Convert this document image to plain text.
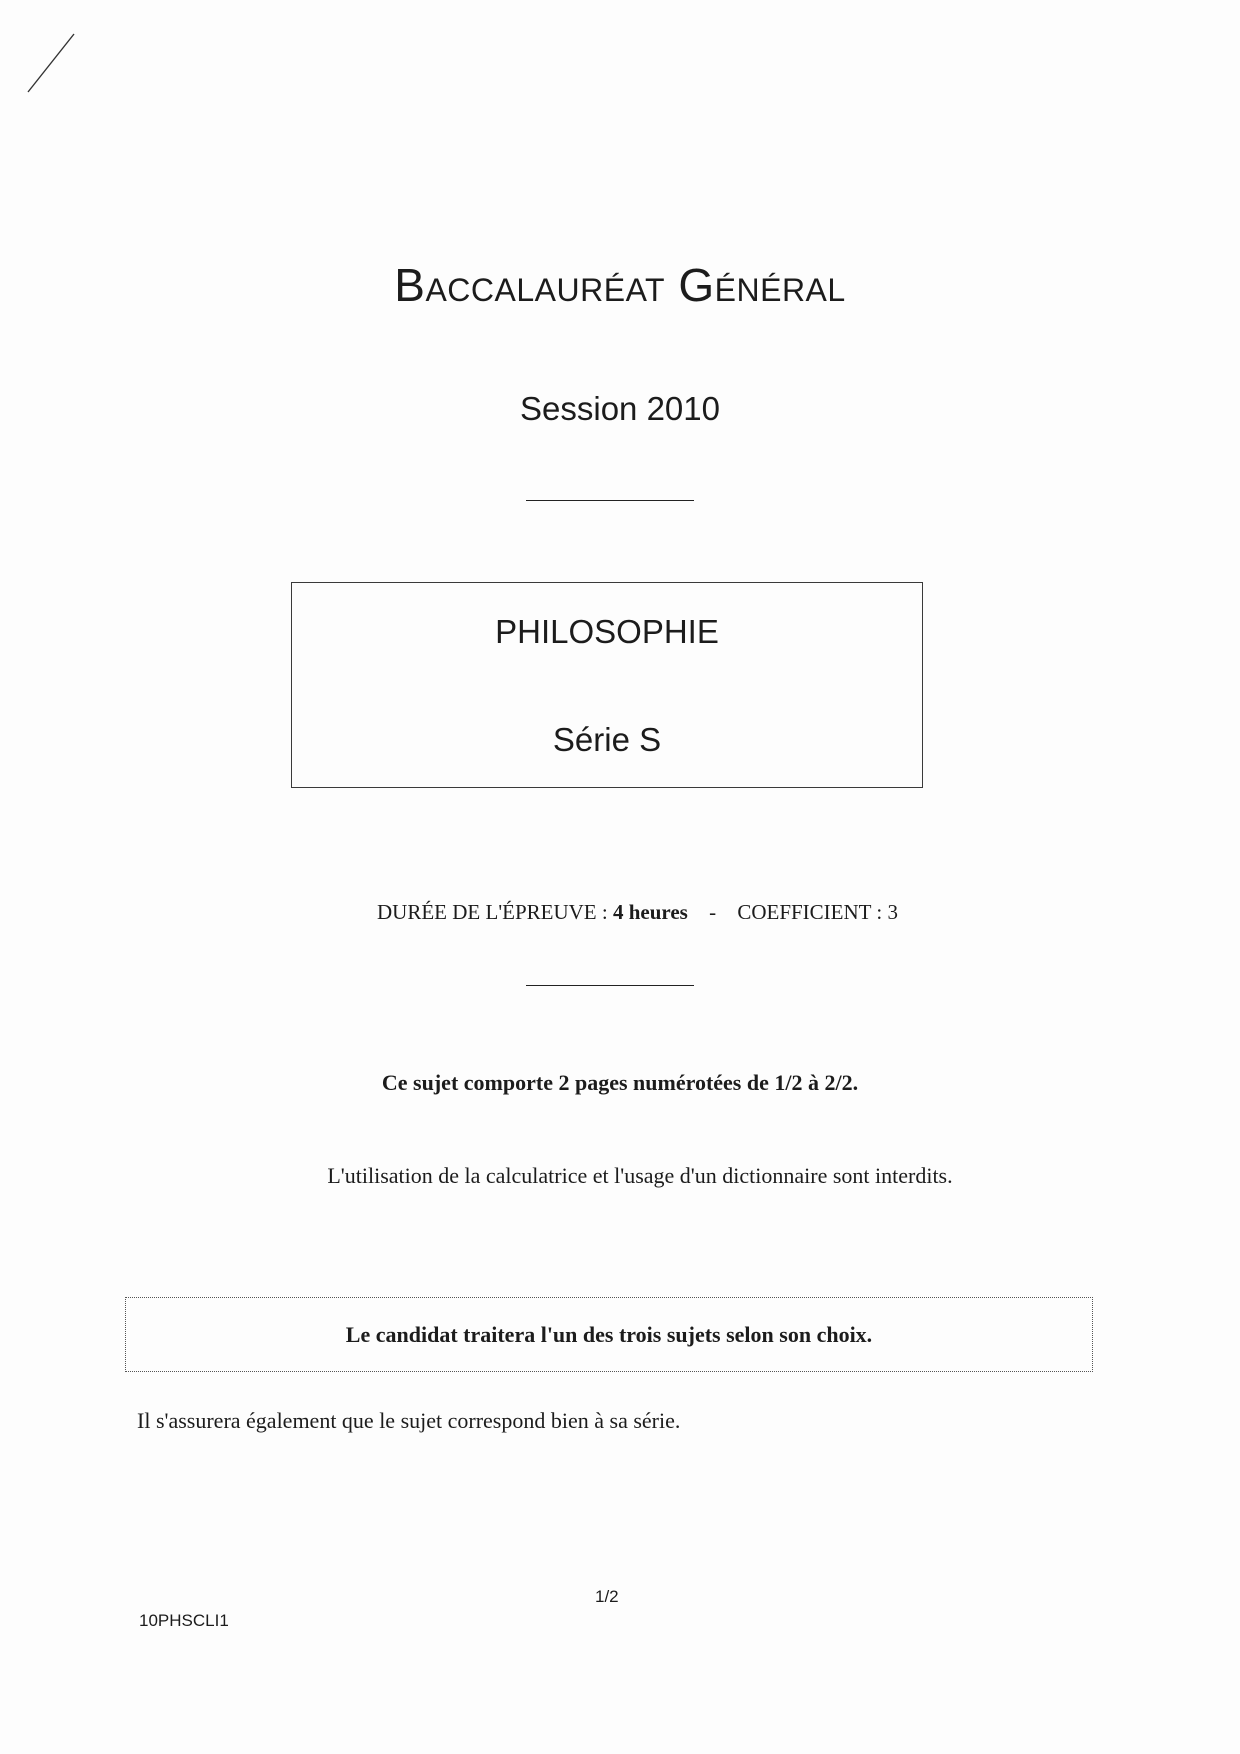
Baccalauréat Général
Session 2010
PHILOSOPHIE
Série S
DURÉE DE L'ÉPREUVE : 4 heures - COEFFICIENT : 3
Ce sujet comporte 2 pages numérotées de 1/2 à 2/2.
L'utilisation de la calculatrice et l'usage d'un dictionnaire sont interdits.
Le candidat traitera l'un des trois sujets selon son choix.
Il s'assurera également que le sujet correspond bien à sa série.
1/2
10PHSCLI1
